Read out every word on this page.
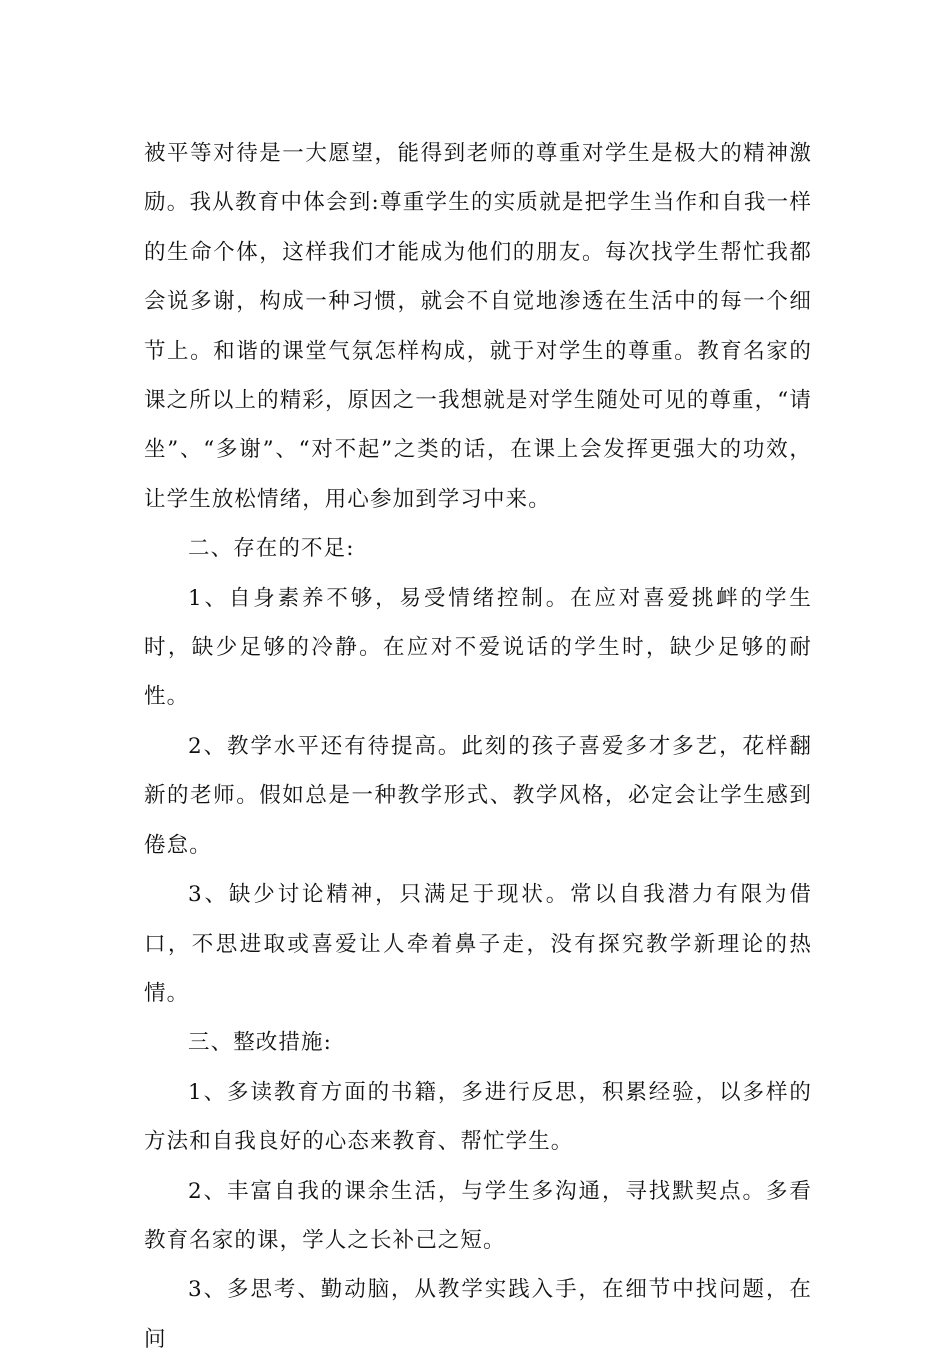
被平等对待是一大愿望，能得到老师的尊重对学生是极大的精神激励。我从教育中体会到:尊重学生的实质就是把学生当作和自我一样的生命个体，这样我们才能成为他们的朋友。每次找学生帮忙我都会说多谢，构成一种习惯，就会不自觉地渗透在生活中的每一个细节上。和谐的课堂气氛怎样构成，就于对学生的尊重。教育名家的课之所以上的精彩，原因之一我想就是对学生随处可见的尊重，“请坐”、“多谢”、“对不起”之类的话，在课上会发挥更强大的功效，让学生放松情绪，用心参加到学习中来。

二、存在的不足:

1、自身素养不够，易受情绪控制。在应对喜爱挑衅的学生时，缺少足够的冷静。在应对不爱说话的学生时，缺少足够的耐性。

2、教学水平还有待提高。此刻的孩子喜爱多才多艺，花样翻新的老师。假如总是一种教学形式、教学风格，必定会让学生感到倦怠。

3、缺少讨论精神，只满足于现状。常以自我潜力有限为借口，不思进取或喜爱让人牵着鼻子走，没有探究教学新理论的热情。

三、整改措施:

1、多读教育方面的书籍，多进行反思，积累经验，以多样的方法和自我良好的心态来教育、帮忙学生。

2、丰富自我的课余生活，与学生多沟通，寻找默契点。多看教育名家的课，学人之长补己之短。

3、多思考、勤动脑，从教学实践入手，在细节中找问题，在问
